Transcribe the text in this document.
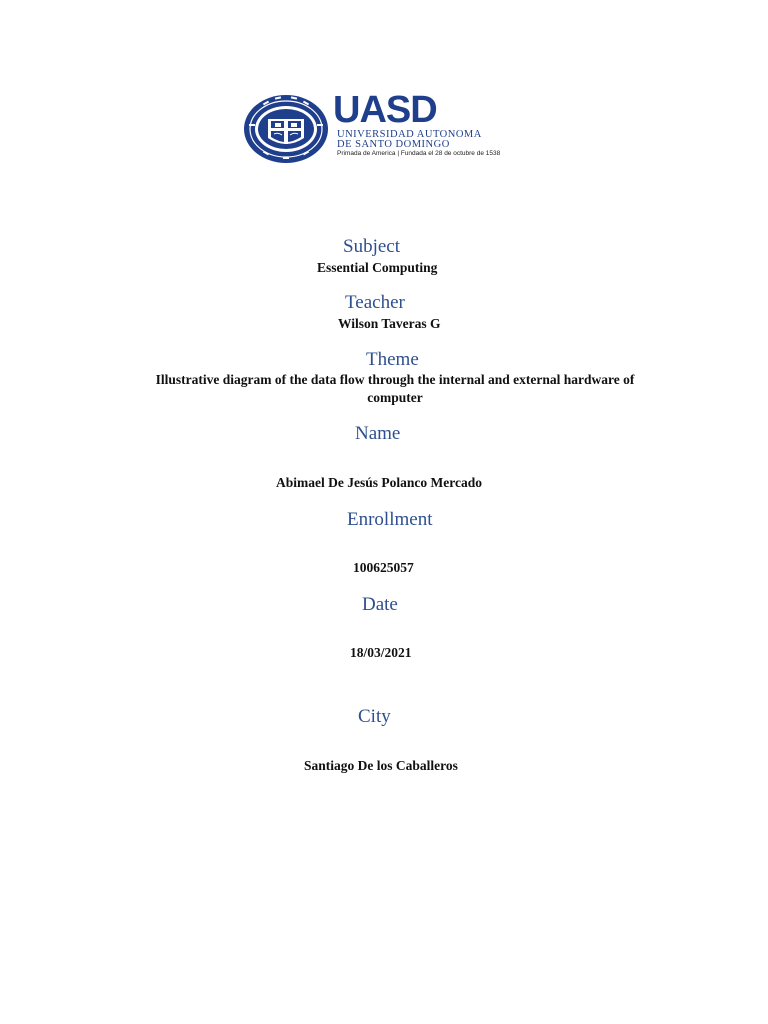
UASD
UNIVERSIDAD AUTONOMA
DE SANTO DOMINGO
Primada de America | Fundada el 28 de octubre de 1538
Subject
Essential Computing
Teacher
Wilson Taveras G
Theme
Illustrative diagram of the data flow through the internal and external hardware of computer
Name
Abimael De Jesús Polanco Mercado
Enrollment
100625057
Date
18/03/2021
City
Santiago De los Caballeros
